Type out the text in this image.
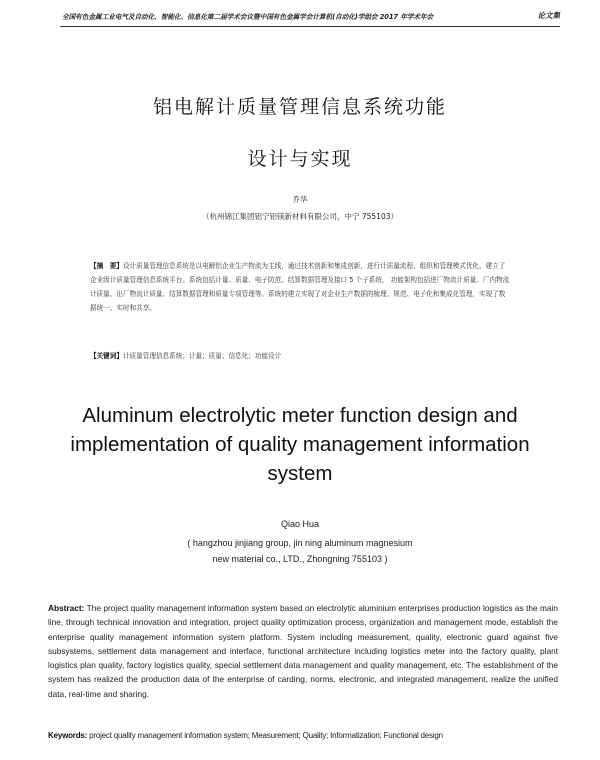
全国有色金属工业电气及自动化、智能化、信息化第二届学术会议暨中国有色金属学会计算机(自动化)学组会 2017 年学术年会	论文集
铝电解计质量管理信息系统功能
设计与实现
乔华
（杭州锦江集团铝宁铝镁新材料有限公司，中宁 755103）
【摘　要】设计质量管理信息系统是以电解铝企业生产物流为主线，通过技术创新和集成创新，进行计质量流程、组织和管理模式优化，建立了企业级计质量管理信息系统平台。系统包括计量、质量、电子防范、结算数据管理及接口 5 个子系统， 功能架构包括进厂物流计质量、厂内物流计质量、出厂物流计质量、结算数据管理和质量专项管理等。系统的建立实现了对企业生产数据的梳理、规范、电子化和集成化管理，实现了数据统一、实时和共享。
【关键词】计质量管理信息系统；计量；质量；信息化；功能设计
Aluminum electrolytic meter function design and implementation of quality management information system
Qiao Hua
( hangzhou jinjiang group, jin ning aluminum magnesium
new material co., LTD., Zhongning 755103 )
Abstract: The project quality management information system based on electrolytic aluminium enterprises production logistics as the main line, through technical innovation and integration, project quality optimization process, organization and management mode, establish the enterprise quality management information system platform. System including measurement, quality, electronic guard against five subsystems, settlement data management and interface, functional architecture including logistics meter into the factory quality, plant logistics plan quality, factory logistics quality, special settlement data management and quality management, etc. The establishment of the system has realized the production data of the enterprise of carding, norms, electronic, and integrated management, realize the unified data, real-time and sharing.
Keywords: project quality management information system; Measurement; Quality; Informatization; Functional design
